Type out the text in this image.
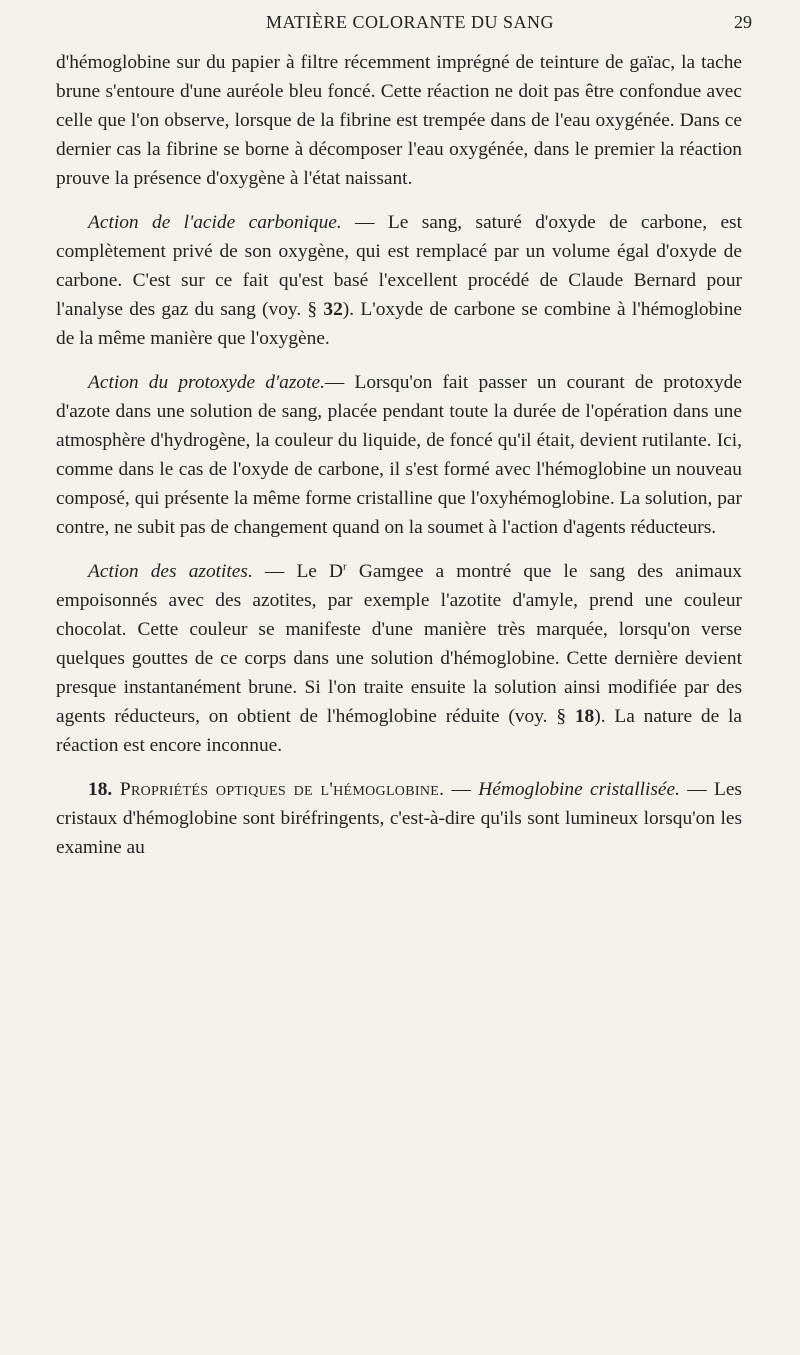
MATIÈRE COLORANTE DU SANG	29

d'hémoglobine sur du papier à filtre récemment imprégné de teinture de gaïac, la tache brune s'entoure d'une auréole bleu foncé. Cette réaction ne doit pas être confondue avec celle que l'on observe, lorsque de la fibrine est trempée dans de l'eau oxygénée. Dans ce dernier cas la fibrine se borne à décomposer l'eau oxygénée, dans le premier la réaction prouve la présence d'oxygène à l'état naissant.

Action de l'acide carbonique. — Le sang, saturé d'oxyde de carbone, est complètement privé de son oxygène, qui est remplacé par un volume égal d'oxyde de carbone. C'est sur ce fait qu'est basé l'excellent procédé de Claude Bernard pour l'analyse des gaz du sang (voy. § 32). L'oxyde de carbone se combine à l'hémoglobine de la même manière que l'oxygène.

Action du protoxyde d'azote.— Lorsqu'on fait passer un courant de protoxyde d'azote dans une solution de sang, placée pendant toute la durée de l'opération dans une atmosphère d'hydrogène, la couleur du liquide, de foncé qu'il était, devient rutilante. Ici, comme dans le cas de l'oxyde de carbone, il s'est formé avec l'hémoglobine un nouveau composé, qui présente la même forme cristalline que l'oxyhémoglobine. La solution, par contre, ne subit pas de changement quand on la soumet à l'action d'agents réducteurs.

Action des azotites. — Le $D^r$ Gamgee a montré que le sang des animaux empoisonnés avec des azotites, par exemple l'azotite d'amyle, prend une couleur chocolat. Cette couleur se manifeste d'une manière très marquée, lorsqu'on verse quelques gouttes de ce corps dans une solution d'hémoglobine. Cette dernière devient presque instantanément brune. Si l'on traite ensuite la solution ainsi modifiée par des agents réducteurs, on obtient de l'hémoglobine réduite (voy. § 18). La nature de la réaction est encore inconnue.

18. Propriétés optiques de l'hémoglobine. — Hémoglobine cristallisée. — Les cristaux d'hémoglobine sont biréfringents, c'est-à-dire qu'ils sont lumineux lorsqu'on les examine au
